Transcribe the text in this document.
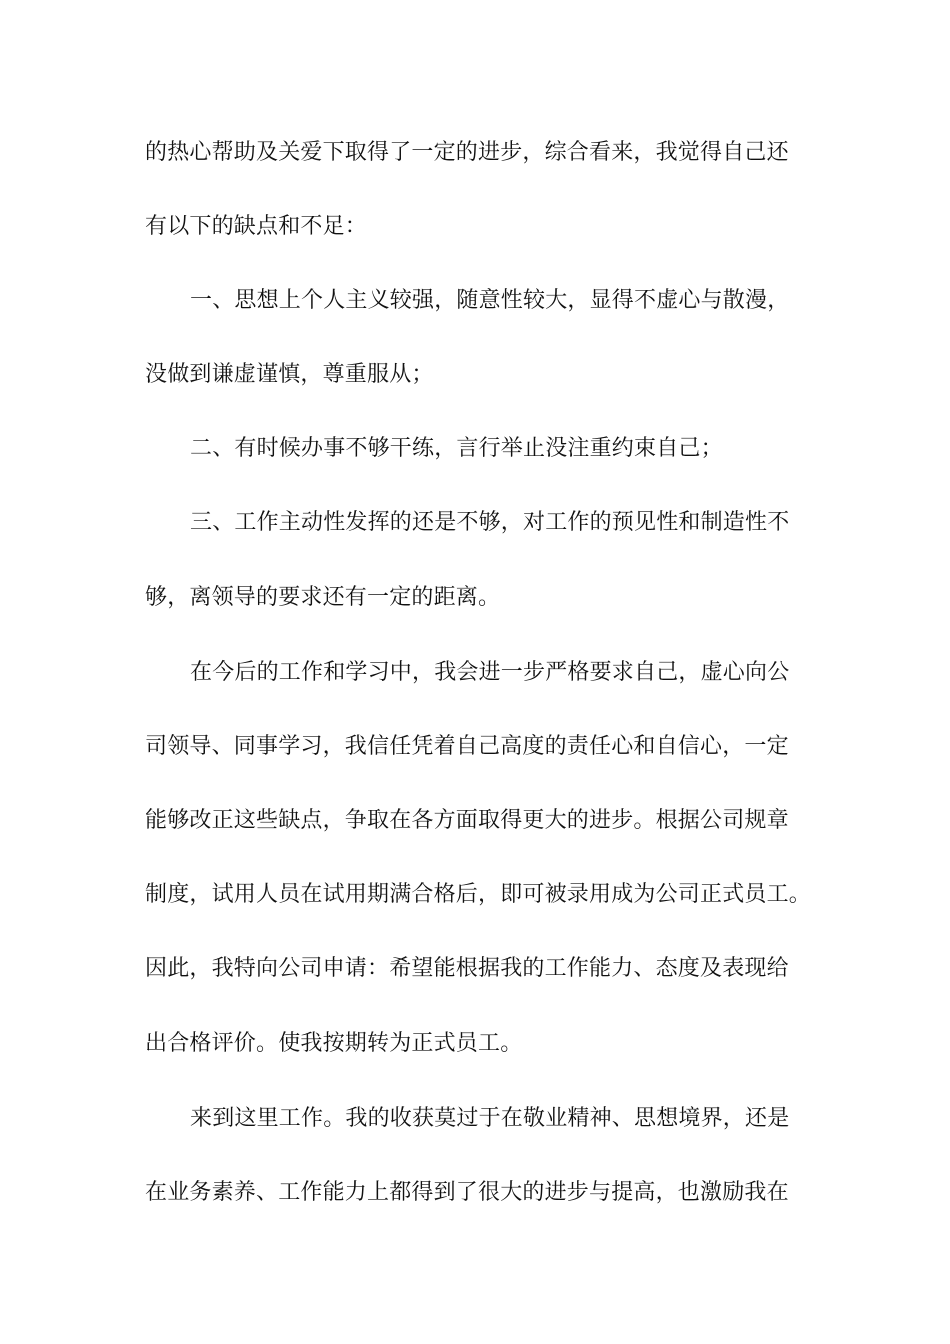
的热心帮助及关爱下取得了一定的进步，综合看来，我觉得自己还
有以下的缺点和不足：
一、思想上个人主义较强，随意性较大，显得不虚心与散漫，
没做到谦虚谨慎，尊重服从；
二、有时候办事不够干练，言行举止没注重约束自己；
三、工作主动性发挥的还是不够，对工作的预见性和制造性不
够，离领导的要求还有一定的距离。
在今后的工作和学习中，我会进一步严格要求自己，虚心向公
司领导、同事学习，我信任凭着自己高度的责任心和自信心，一定
能够改正这些缺点，争取在各方面取得更大的进步。根据公司规章
制度，试用人员在试用期满合格后，即可被录用成为公司正式员工。
因此，我特向公司申请：希望能根据我的工作能力、态度及表现给
出合格评价。使我按期转为正式员工。
来到这里工作。我的收获莫过于在敬业精神、思想境界，还是
在业务素养、工作能力上都得到了很大的进步与提高，也激励我在
